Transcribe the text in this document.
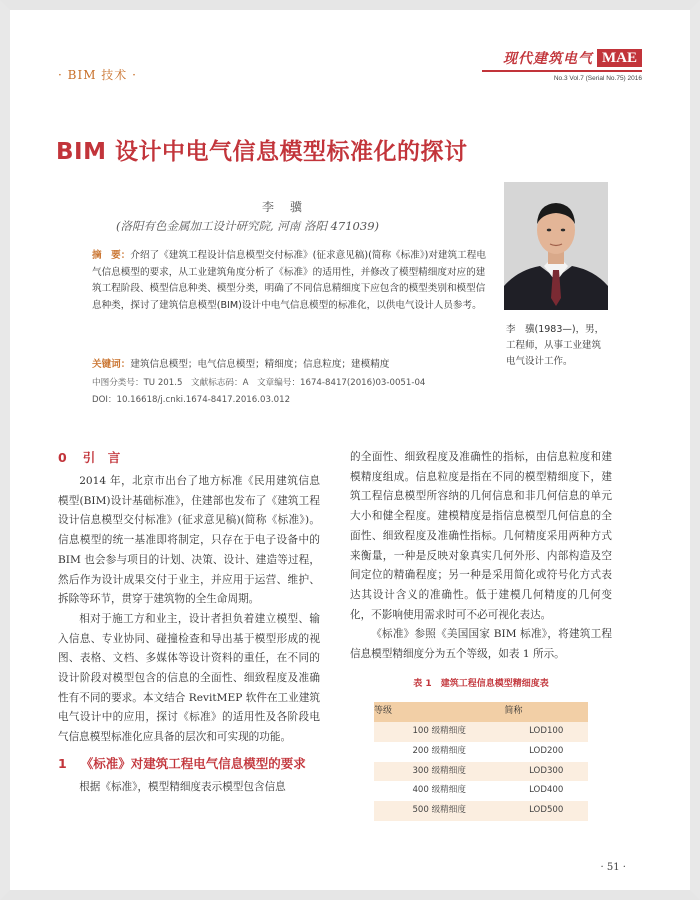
· BIM 技术 ·
现代建筑电气 MAE
No.3 Vol.7 (Serial No.75) 2016
BIM 设计中电气信息模型标准化的探讨
李 骥
(洛阳有色金属加工设计研究院, 河南 洛阳 471039)
李　骥(1983—)，男，工程师，从事工业建筑电气设计工作。
摘　要：介绍了《建筑工程设计信息模型交付标准》(征求意见稿)(简称《标准》)对建筑工程电气信息模型的要求，从工业建筑角度分析了《标准》的适用性，并修改了模型精细度对应的建筑工程阶段、模型信息种类、模型分类，明确了不同信息精细度下应包含的模型类别和模型信息种类，探讨了建筑信息模型(BIM)设计中电气信息模型的标准化，以供电气设计人员参考。
关键词：建筑信息模型；电气信息模型；精细度；信息粒度；建模精度
中图分类号：TU 201.5　文献标志码：A　文章编号：1674-8417(2016)03-0051-04
DOI：10.16618/j.cnki.1674-8417.2016.03.012
0 引　言

2014 年，北京市出台了地方标准《民用建筑信息模型(BIM)设计基础标准》，住建部也发布了《建筑工程设计信息模型交付标准》(征求意见稿)(简称《标准》)。信息模型的统一基准即将制定，只存在于电子设备中的 BIM 也会参与项目的计划、决策、设计、建造等过程，然后作为设计成果交付于业主，并应用于运营、维护、拆除等环节，贯穿于建筑物的全生命周期。

相对于施工方和业主，设计者担负着建立模型、输入信息、专业协同、碰撞检查和导出基于模型形成的视图、表格、文档、多媒体等设计资料的重任，在不同的设计阶段对模型包含的信息的全面性、细致程度及准确性有不同的要求。本文结合 RevitMEP 软件在工业建筑电气设计中的应用，探讨《标准》的适用性及各阶段电气信息模型标准化应具备的层次和可实现的功能。

1 《标准》对建筑工程电气信息模型的要求

根据《标准》，模型精细度表示模型包含信息

的全面性、细致程度及准确性的指标，由信息粒度和建模精度组成。信息粒度是指在不同的模型精细度下，建筑工程信息模型所容纳的几何信息和非几何信息的单元大小和健全程度。建模精度是指信息模型几何信息的全面性、细致程度及准确性指标。几何精度采用两种方式来衡量，一种是反映对象真实几何外形、内部构造及空间定位的精确程度；另一种是采用简化或符号化方式表达其设计含义的准确性。低于建模几何精度的几何变化，不影响使用需求时可不必可视化表达。

《标准》参照《美国国家 BIM 标准》，将建筑工程信息模型精细度分为五个等级，如表 1 所示。

表 1　建筑工程信息模型精细度表
等级	简称
100 级精细度	LOD100
200 级精细度	LOD200
300 级精细度	LOD300
400 级精细度	LOD400
500 级精细度	LOD500
· 51 ·
